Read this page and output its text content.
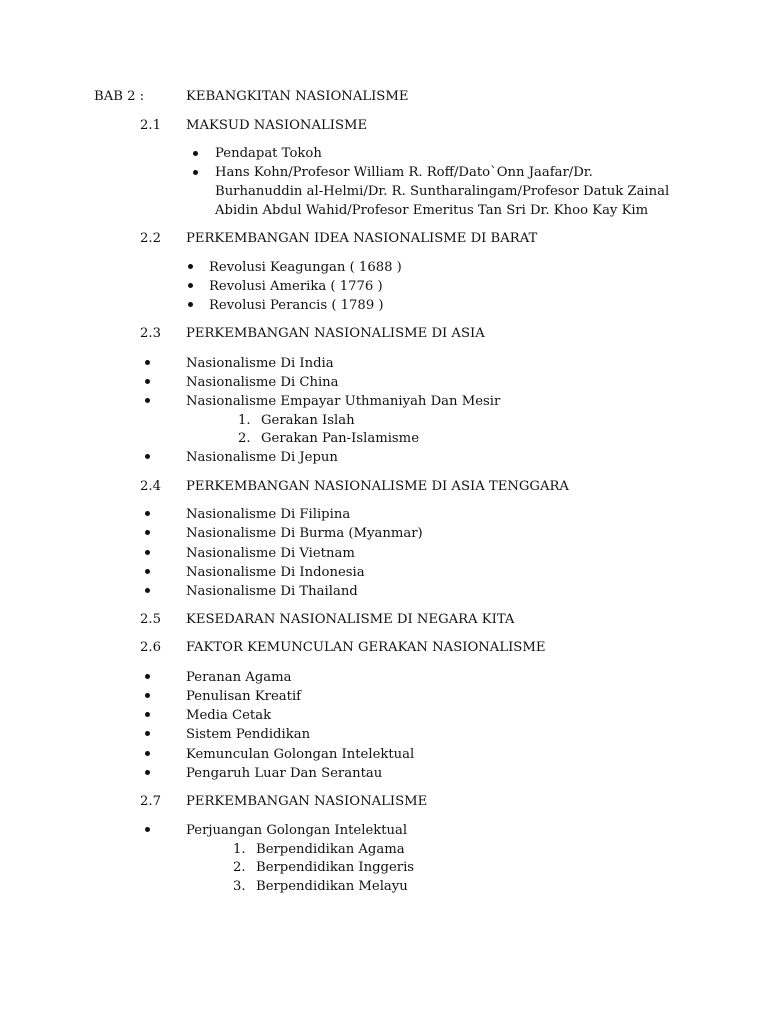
BAB 2 :	KEBANGKITAN NASIONALISME
2.1 MAKSUD NASIONALISME
Pendapat Tokoh
Hans Kohn/Profesor William R. Roff/Dato`Onn Jaafar/Dr.
Burhanuddin al-Helmi/Dr. R. Suntharalingam/Profesor Datuk Zainal
Abidin Abdul Wahid/Profesor Emeritus Tan Sri Dr. Khoo Kay Kim
2.2 PERKEMBANGAN IDEA NASIONALISME DI BARAT
Revolusi Keagungan ( 1688 )
Revolusi Amerika ( 1776 )
Revolusi Perancis ( 1789 )
2.3 PERKEMBANGAN NASIONALISME DI ASIA
Nasionalisme Di India
Nasionalisme Di China
Nasionalisme Empayar Uthmaniyah Dan Mesir
1. Gerakan Islah
2. Gerakan Pan-Islamisme
Nasionalisme Di Jepun
2.4 PERKEMBANGAN NASIONALISME DI ASIA TENGGARA
Nasionalisme Di Filipina
Nasionalisme Di Burma (Myanmar)
Nasionalisme Di Vietnam
Nasionalisme Di Indonesia
Nasionalisme Di Thailand
2.5 KESEDARAN NASIONALISME DI NEGARA KITA
2.6 FAKTOR KEMUNCULAN GERAKAN NASIONALISME
Peranan Agama
Penulisan Kreatif
Media Cetak
Sistem Pendidikan
Kemunculan Golongan Intelektual
Pengaruh Luar Dan Serantau
2.7 PERKEMBANGAN NASIONALISME
Perjuangan Golongan Intelektual
1. Berpendidikan Agama
2. Berpendidikan Inggeris
3. Berpendidikan Melayu
